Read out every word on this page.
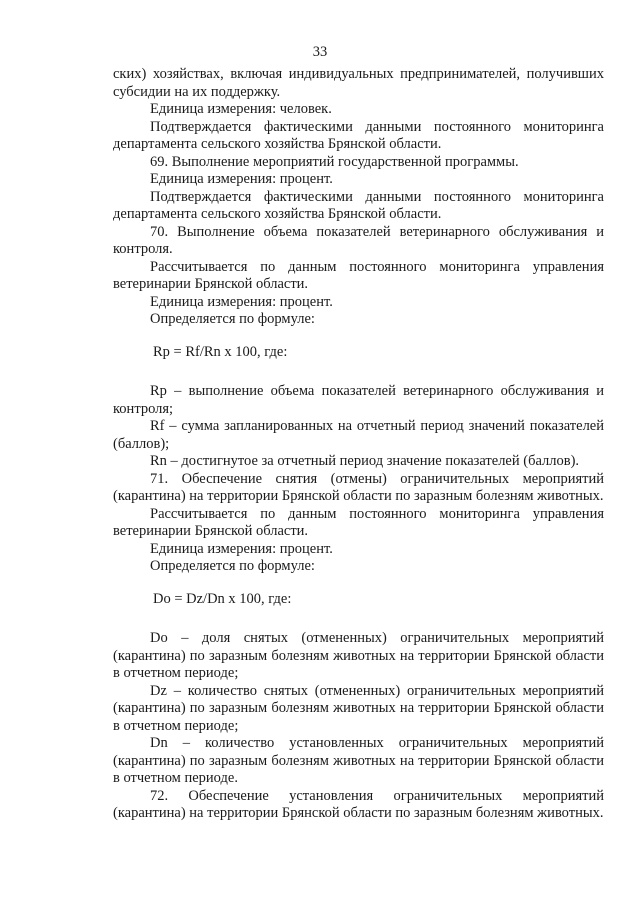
33

ских) хозяйствах, включая индивидуальных предпринимателей, получивших субсидии на их поддержку.

Единица измерения: человек.

Подтверждается фактическими данными постоянного мониторинга департамента сельского хозяйства Брянской области.

69. Выполнение мероприятий государственной программы.

Единица измерения: процент.

Подтверждается фактическими данными постоянного мониторинга департамента сельского хозяйства Брянской области.

70. Выполнение объема показателей ветеринарного обслуживания и контроля.

Рассчитывается по данным постоянного мониторинга управления ветеринарии Брянской области.

Единица измерения: процент.

Определяется по формуле:

Rp = Rf/Rn x 100, где:

Rp – выполнение объема показателей ветеринарного обслуживания и контроля;

Rf – сумма запланированных на отчетный период значений показателей (баллов);

Rn – достигнутое за отчетный период значение показателей (баллов).

71. Обеспечение снятия (отмены) ограничительных мероприятий (карантина) на территории Брянской области по заразным болезням животных.

Рассчитывается по данным постоянного мониторинга управления ветеринарии Брянской области.

Единица измерения: процент.

Определяется по формуле:

Do = Dz/Dn x 100, где:

Do – доля снятых (отмененных) ограничительных мероприятий (карантина) по заразным болезням животных на территории Брянской области в отчетном периоде;

Dz – количество снятых (отмененных) ограничительных мероприятий (карантина) по заразным болезням животных на территории Брянской области в отчетном периоде;

Dn – количество установленных ограничительных мероприятий (карантина) по заразным болезням животных на территории Брянской области в отчетном периоде.

72. Обеспечение установления ограничительных мероприятий (карантина) на территории Брянской области по заразным болезням животных.
